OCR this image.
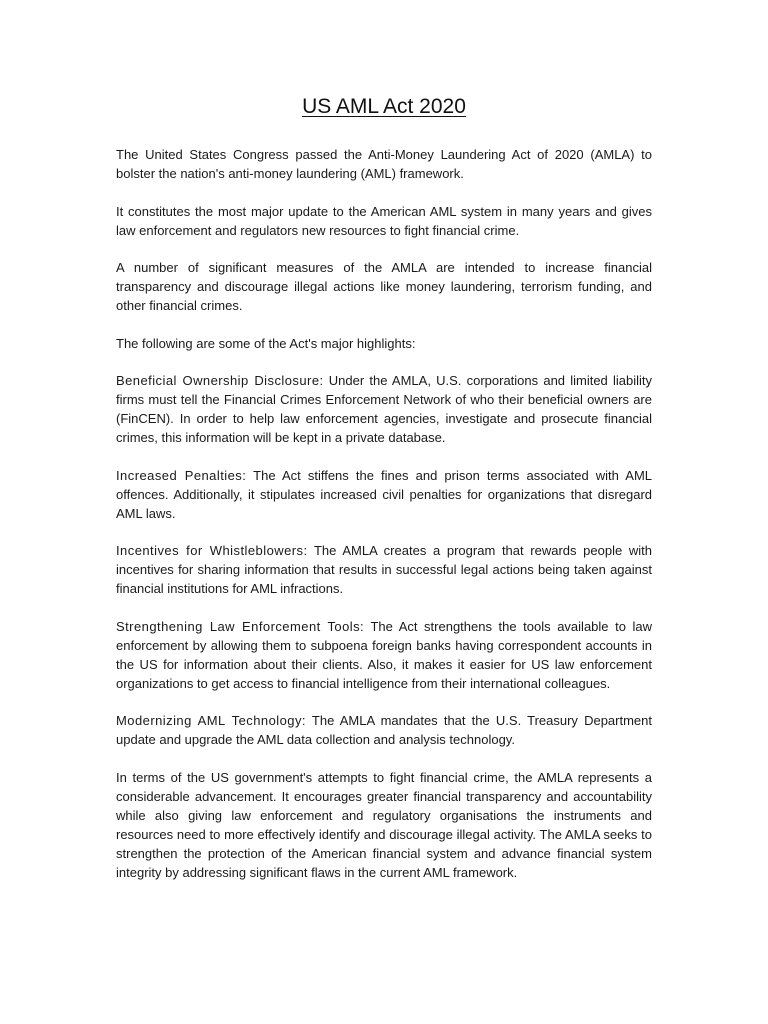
US AML Act 2020

The United States Congress passed the Anti-Money Laundering Act of 2020 (AMLA) to bolster the nation's anti-money laundering (AML) framework.

It constitutes the most major update to the American AML system in many years and gives law enforcement and regulators new resources to fight financial crime.

A number of significant measures of the AMLA are intended to increase financial transparency and discourage illegal actions like money laundering, terrorism funding, and other financial crimes.

The following are some of the Act's major highlights:

Beneficial Ownership Disclosure: Under the AMLA, U.S. corporations and limited liability firms must tell the Financial Crimes Enforcement Network of who their beneficial owners are (FinCEN). In order to help law enforcement agencies, investigate and prosecute financial crimes, this information will be kept in a private database.

Increased Penalties: The Act stiffens the fines and prison terms associated with AML offences. Additionally, it stipulates increased civil penalties for organizations that disregard AML laws.

Incentives for Whistleblowers: The AMLA creates a program that rewards people with incentives for sharing information that results in successful legal actions being taken against financial institutions for AML infractions.

Strengthening Law Enforcement Tools: The Act strengthens the tools available to law enforcement by allowing them to subpoena foreign banks having correspondent accounts in the US for information about their clients. Also, it makes it easier for US law enforcement organizations to get access to financial intelligence from their international colleagues.

Modernizing AML Technology: The AMLA mandates that the U.S. Treasury Department update and upgrade the AML data collection and analysis technology.

In terms of the US government's attempts to fight financial crime, the AMLA represents a considerable advancement. It encourages greater financial transparency and accountability while also giving law enforcement and regulatory organisations the instruments and resources need to more effectively identify and discourage illegal activity. The AMLA seeks to strengthen the protection of the American financial system and advance financial system integrity by addressing significant flaws in the current AML framework.
